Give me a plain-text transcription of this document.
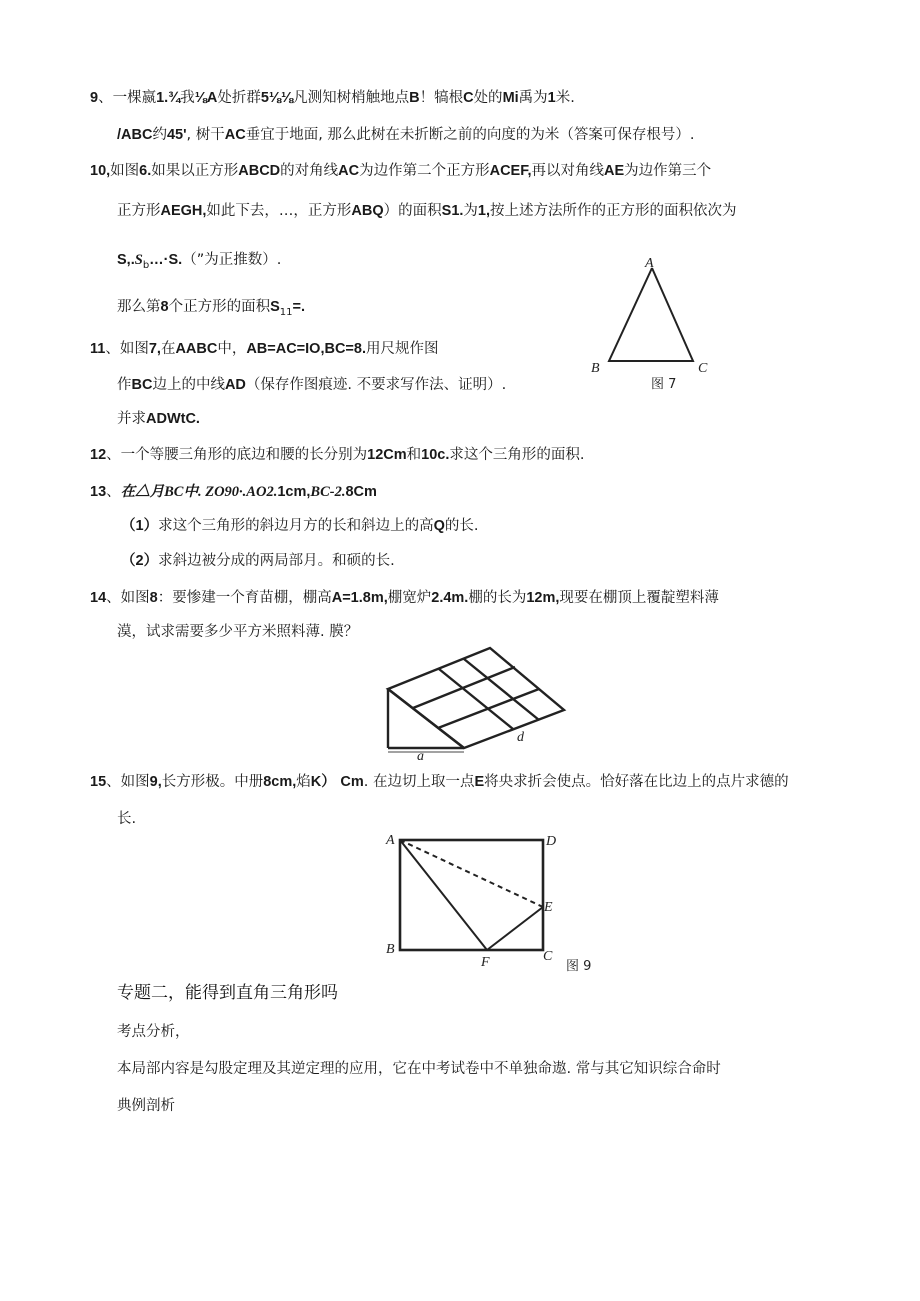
9、一棵嬴1.¾我⅛A处折群5⅛⅛凡测知树梢触地点B！犒根C处的Mi禹为1米.
/ABC约45', 树干AC垂宜于地面, 那么此树在未折断之前的向度的为米（答案可保存根号）.
10,如图6.如果以正方形ABCD的对角线AC为边作第二个正方形ACEF,再以对角线AE为边作第三个
正方形AEGH,如此下去，…，正方形ABQ）的面积S1.为1,按上述方法所作的正方形的面积依次为
$S,.S_b\dots\cdot S$.（”为正推数）.
那么第8个正方形的面积$S_{11}=$.
11、如图7,在AABC中，AB=AC=IO,BC=8.用尺规作图
作BC边上的中线AD（保存作图痕迹. 不要求写作法、证明）.
并求ADWtC.
A
B	C
图 7
12、一个等腰三角形的底边和腰的长分别为12Cm和10c.求这个三角形的面积.
13、在△月BC中. ZO90·.AO2.1cm,BC-2.8Cm
（1）求这个三角形的斜边月方的长和斜边上的高Q的长.
（2）求斜边被分成的两局部月。和硕的长.
14、如图8：要惨建一个育苗棚，棚高A=1.8m,棚宽炉2.4m.棚的长为12m,现要在棚顶上覆靛塑料薄
漠，试求需要多少平方米照料薄. 膜？
a
d
15、如图9,长方形极。中册8cm,焰K） Cm. 在边切上取一点E将央求折会使点。恰好落在比边上的点片求德的
长.
A	D
E
B
F	C
图 9
专题二，能得到直角三角形吗
考点分析，
本局部内容是勾股定理及其逆定理的应用，它在中考试卷中不单独命遨. 常与其它知识综合命时
典例剖析
